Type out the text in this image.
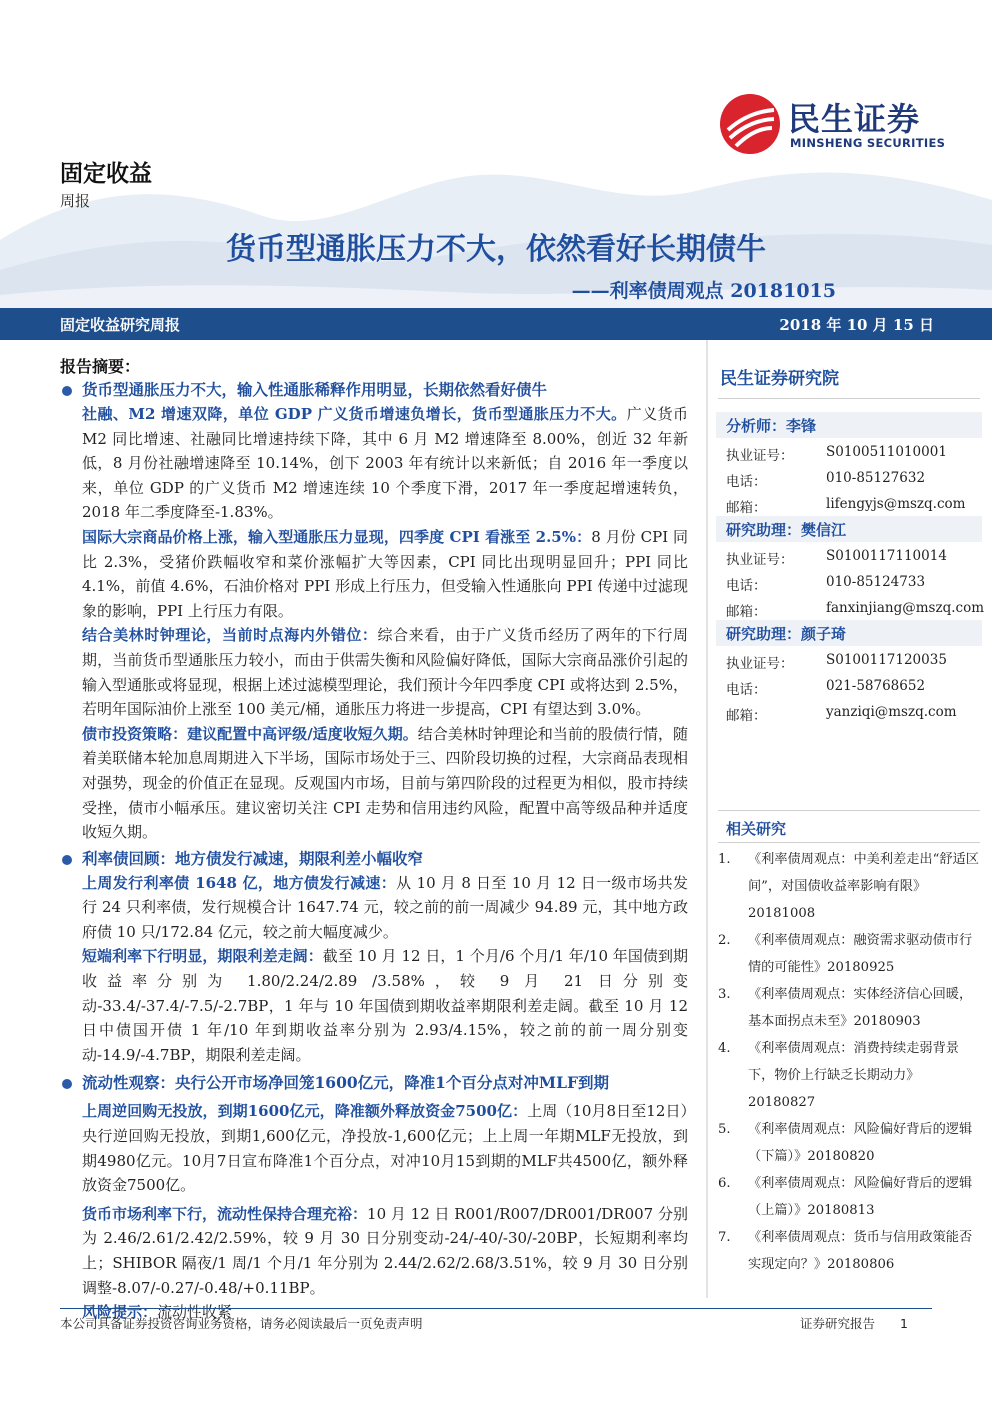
民生证券
MINSHENG SECURITIES
固定收益
周报
货币型通胀压力不大，依然看好长期债牛
——利率债周观点 20181015
固定收益研究周报	2018 年 10 月 15 日
报告摘要：
货币型通胀压力不大，输入性通胀稀释作用明显，长期依然看好债牛
社融、M2 增速双降，单位 GDP 广义货币增速负增长，货币型通胀压力不大。广义货币 M2 同比增速、社融同比增速持续下降，其中 6 月 M2 增速降至 8.00%，创近 32 年新低，8 月份社融增速降至 10.14%，创下 2003 年有统计以来新低；自 2016 年一季度以来，单位 GDP 的广义货币 M2 增速连续 10 个季度下滑，2017 年一季度起增速转负，2018 年二季度降至-1.83%。
国际大宗商品价格上涨，输入型通胀压力显现，四季度 CPI 看涨至 2.5%：8 月份 CPI 同比 2.3%，受猪价跌幅收窄和菜价涨幅扩大等因素，CPI 同比出现明显回升；PPI 同比 4.1%，前值 4.6%，石油价格对 PPI 形成上行压力，但受输入性通胀向 PPI 传递中过滤现象的影响，PPI 上行压力有限。
结合美林时钟理论，当前时点海内外错位：综合来看，由于广义货币经历了两年的下行周期，当前货币型通胀压力较小，而由于供需失衡和风险偏好降低，国际大宗商品涨价引起的输入型通胀或将显现，根据上述过滤模型理论，我们预计今年四季度 CPI 或将达到 2.5%，若明年国际油价上涨至 100 美元/桶，通胀压力将进一步提高，CPI 有望达到 3.0%。
债市投资策略：建议配置中高评级/适度收短久期。结合美林时钟理论和当前的股债行情，随着美联储本轮加息周期进入下半场，国际市场处于三、四阶段切换的过程，大宗商品表现相对强势，现金的价值正在显现。反观国内市场，目前与第四阶段的过程更为相似，股市持续受挫，债市小幅承压。建议密切关注 CPI 走势和信用违约风险，配置中高等级品种并适度收短久期。
利率债回顾：地方债发行减速，期限利差小幅收窄
上周发行利率债 1648 亿，地方债发行减速：从 10 月 8 日至 10 月 12 日一级市场共发行 24 只利率债，发行规模合计 1647.74 元，较之前的前一周减少 94.89 元，其中地方政府债 10 只/172.84 亿元，较之前大幅度减少。
短端利率下行明显，期限利差走阔：截至 10 月 12 日，1 个月/6 个月/1 年/10 年国债到期收益率分别为 1.80/2.24/2.89 /3.58%，较 9 月 21 日分别变动-33.4/-37.4/-7.5/-2.7BP，1 年与 10 年国债到期收益率期限利差走阔。截至 10 月 12 日中债国开债 1 年/10 年到期收益率分别为 2.93/4.15%，较之前的前一周分别变动-14.9/-4.7BP，期限利差走阔。
流动性观察：央行公开市场净回笼1600亿元，降准1个百分点对冲MLF到期
上周逆回购无投放，到期1600亿元，降准额外释放资金7500亿：上周（10月8日至12日）央行逆回购无投放，到期1,600亿元，净投放-1,600亿元；上上周一年期MLF无投放，到期4980亿元。10月7日宣布降准1个百分点，对冲10月15到期的MLF共4500亿，额外释放资金7500亿。
货币市场利率下行，流动性保持合理充裕：10 月 12 日 R001/R007/DR001/DR007 分别为 2.46/2.61/2.42/2.59%，较 9 月 30 日分别变动-24/-40/-30/-20BP，长短期利率均上；SHIBOR 隔夜/1 周/1 个月/1 年分别为 2.44/2.62/2.68/3.51%，较 9 月 30 日分别调整-8.07/-0.27/-0.48/+0.11BP。
风险提示：流动性收紧
民生证券研究院
分析师：李锋
执业证号： S0100511010001
电话：	010-85127632
邮箱：	lifengyjs@mszq.com
研究助理：樊信江
执业证号： S0100117110014
电话：	010-85124733
邮箱：	fanxinjiang@mszq.com
研究助理：颜子琦
执业证号： S0100117120035
电话：	021-58768652
邮箱：	yanziqi@mszq.com
相关研究
1. 《利率债周观点：中美利差走出“舒适区间”，对国债收益率影响有限》20181008
2. 《利率债周观点：融资需求驱动债市行情的可能性》20180925
3. 《利率债周观点：实体经济信心回暖，基本面拐点未至》20180903
4. 《利率债周观点：消费持续走弱背景下，物价上行缺乏长期动力》20180827
5. 《利率债周观点：风险偏好背后的逻辑（下篇）》20180820
6. 《利率债周观点：风险偏好背后的逻辑（上篇）》20180813
7. 《利率债周观点：货币与信用政策能否实现定向？》20180806
本公司具备证券投资咨询业务资格，请务必阅读最后一页免责声明	证券研究报告　　1
